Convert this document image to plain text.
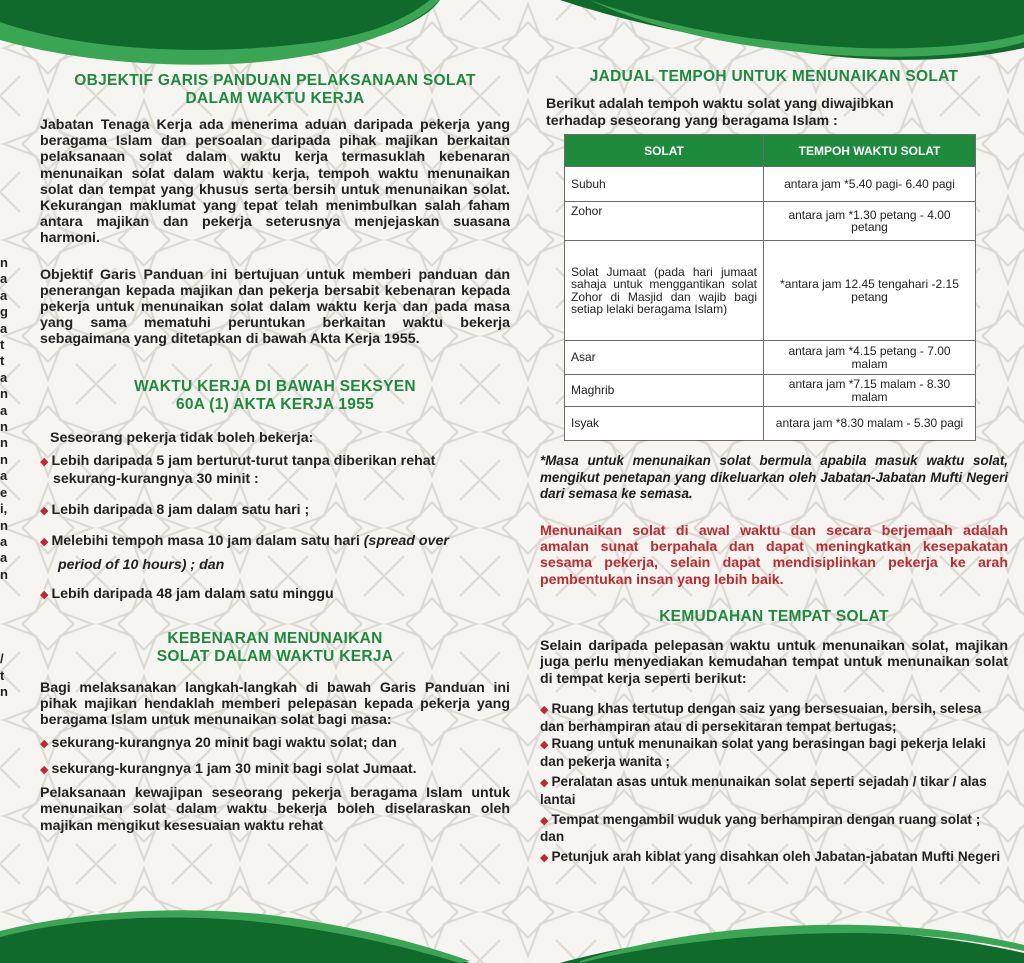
n
a
a
g
a
t
t
a
n
a
n
n
n
a
e
i,
n
a
a
n
/
t
n
OBJEKTIF GARIS PANDUAN PELAKSANAAN SOLAT
DALAM WAKTU KERJA

Jabatan Tenaga Kerja ada menerima aduan daripada pekerja yang beragama Islam dan persoalan daripada pihak majikan berkaitan pelaksanaan solat dalam waktu kerja termasuklah kebenaran menunaikan solat dalam waktu kerja, tempoh waktu menunaikan solat dan tempat yang khusus serta bersih untuk menunaikan solat. Kekurangan maklumat yang tepat telah menimbulkan salah faham antara majikan dan pekerja seterusnya menjejaskan suasana harmoni.

Objektif Garis Panduan ini bertujuan untuk memberi panduan dan penerangan kepada majikan dan pekerja bersabit kebenaran kepada pekerja untuk menunaikan solat dalam waktu kerja dan pada masa yang sama mematuhi peruntukan berkaitan waktu bekerja sebagaimana yang ditetapkan di bawah Akta Kerja 1955.

WAKTU KERJA DI BAWAH SEKSYEN
60A (1) AKTA KERJA 1955

Seseorang pekerja tidak boleh bekerja:

◆ Lebih daripada 5 jam berturut-turut tanpa diberikan rehat

sekurang-kurangnya 30 minit :

◆ Lebih daripada 8 jam dalam satu hari ;

◆ Melebihi tempoh masa 10 jam dalam satu hari (spread over

period of 10 hours) ; dan

◆ Lebih daripada 48 jam dalam satu minggu

KEBENARAN MENUNAIKAN
SOLAT DALAM WAKTU KERJA

Bagi melaksanakan langkah-langkah di bawah Garis Panduan ini pihak majikan hendaklah memberi pelepasan kepada pekerja yang beragama Islam untuk menunaikan solat bagi masa:

◆ sekurang-kurangnya 20 minit bagi waktu solat; dan

◆ sekurang-kurangnya 1 jam 30 minit bagi solat Jumaat.

Pelaksanaan kewajipan seseorang pekerja beragama Islam untuk menunaikan solat dalam waktu bekerja boleh diselaraskan oleh majikan mengikut kesesuaian waktu rehat

JADUAL TEMPOH UNTUK MENUNAIKAN SOLAT

Berikut adalah tempoh waktu solat yang diwajibkan
terhadap seseorang yang beragama Islam :

SOLAT	TEMPOH WAKTU SOLAT
Subuh	antara jam *5.40 pagi- 6.40 pagi
Zohor	antara jam *1.30 petang - 4.00 petang
Solat Jumaat (pada hari jumaat sahaja untuk menggantikan solat Zohor di Masjid dan wajib bagi setiap lelaki beragama Islam)	*antara jam 12.45 tengahari -2.15 petang
Asar	antara jam *4.15 petang - 7.00 malam
Maghrib	antara jam *7.15 malam - 8.30 malam
Isyak	antara jam *8.30 malam - 5.30 pagi

*Masa untuk menunaikan solat bermula apabila masuk waktu solat, mengikut penetapan yang dikeluarkan oleh Jabatan-Jabatan Mufti Negeri dari semasa ke semasa.

Menunaikan solat di awal waktu dan secara berjemaah adalah amalan sunat berpahala dan dapat meningkatkan kesepakatan sesama pekerja, selain dapat mendisiplinkan pekerja ke arah pembentukan insan yang lebih baik.

KEMUDAHAN TEMPAT SOLAT

Selain daripada pelepasan waktu untuk menunaikan solat, majikan juga perlu menyediakan kemudahan tempat untuk menunaikan solat di tempat kerja seperti berikut:

◆ Ruang khas tertutup dengan saiz yang bersesuaian, bersih, selesa dan berhampiran atau di persekitaran tempat bertugas;

◆ Ruang untuk menunaikan solat yang berasingan bagi pekerja lelaki dan pekerja wanita ;

◆ Peralatan asas untuk menunaikan solat seperti sejadah / tikar / alas lantai

◆ Tempat mengambil wuduk yang berhampiran dengan ruang solat ; dan

◆ Petunjuk arah kiblat yang disahkan oleh Jabatan-jabatan Mufti Negeri
